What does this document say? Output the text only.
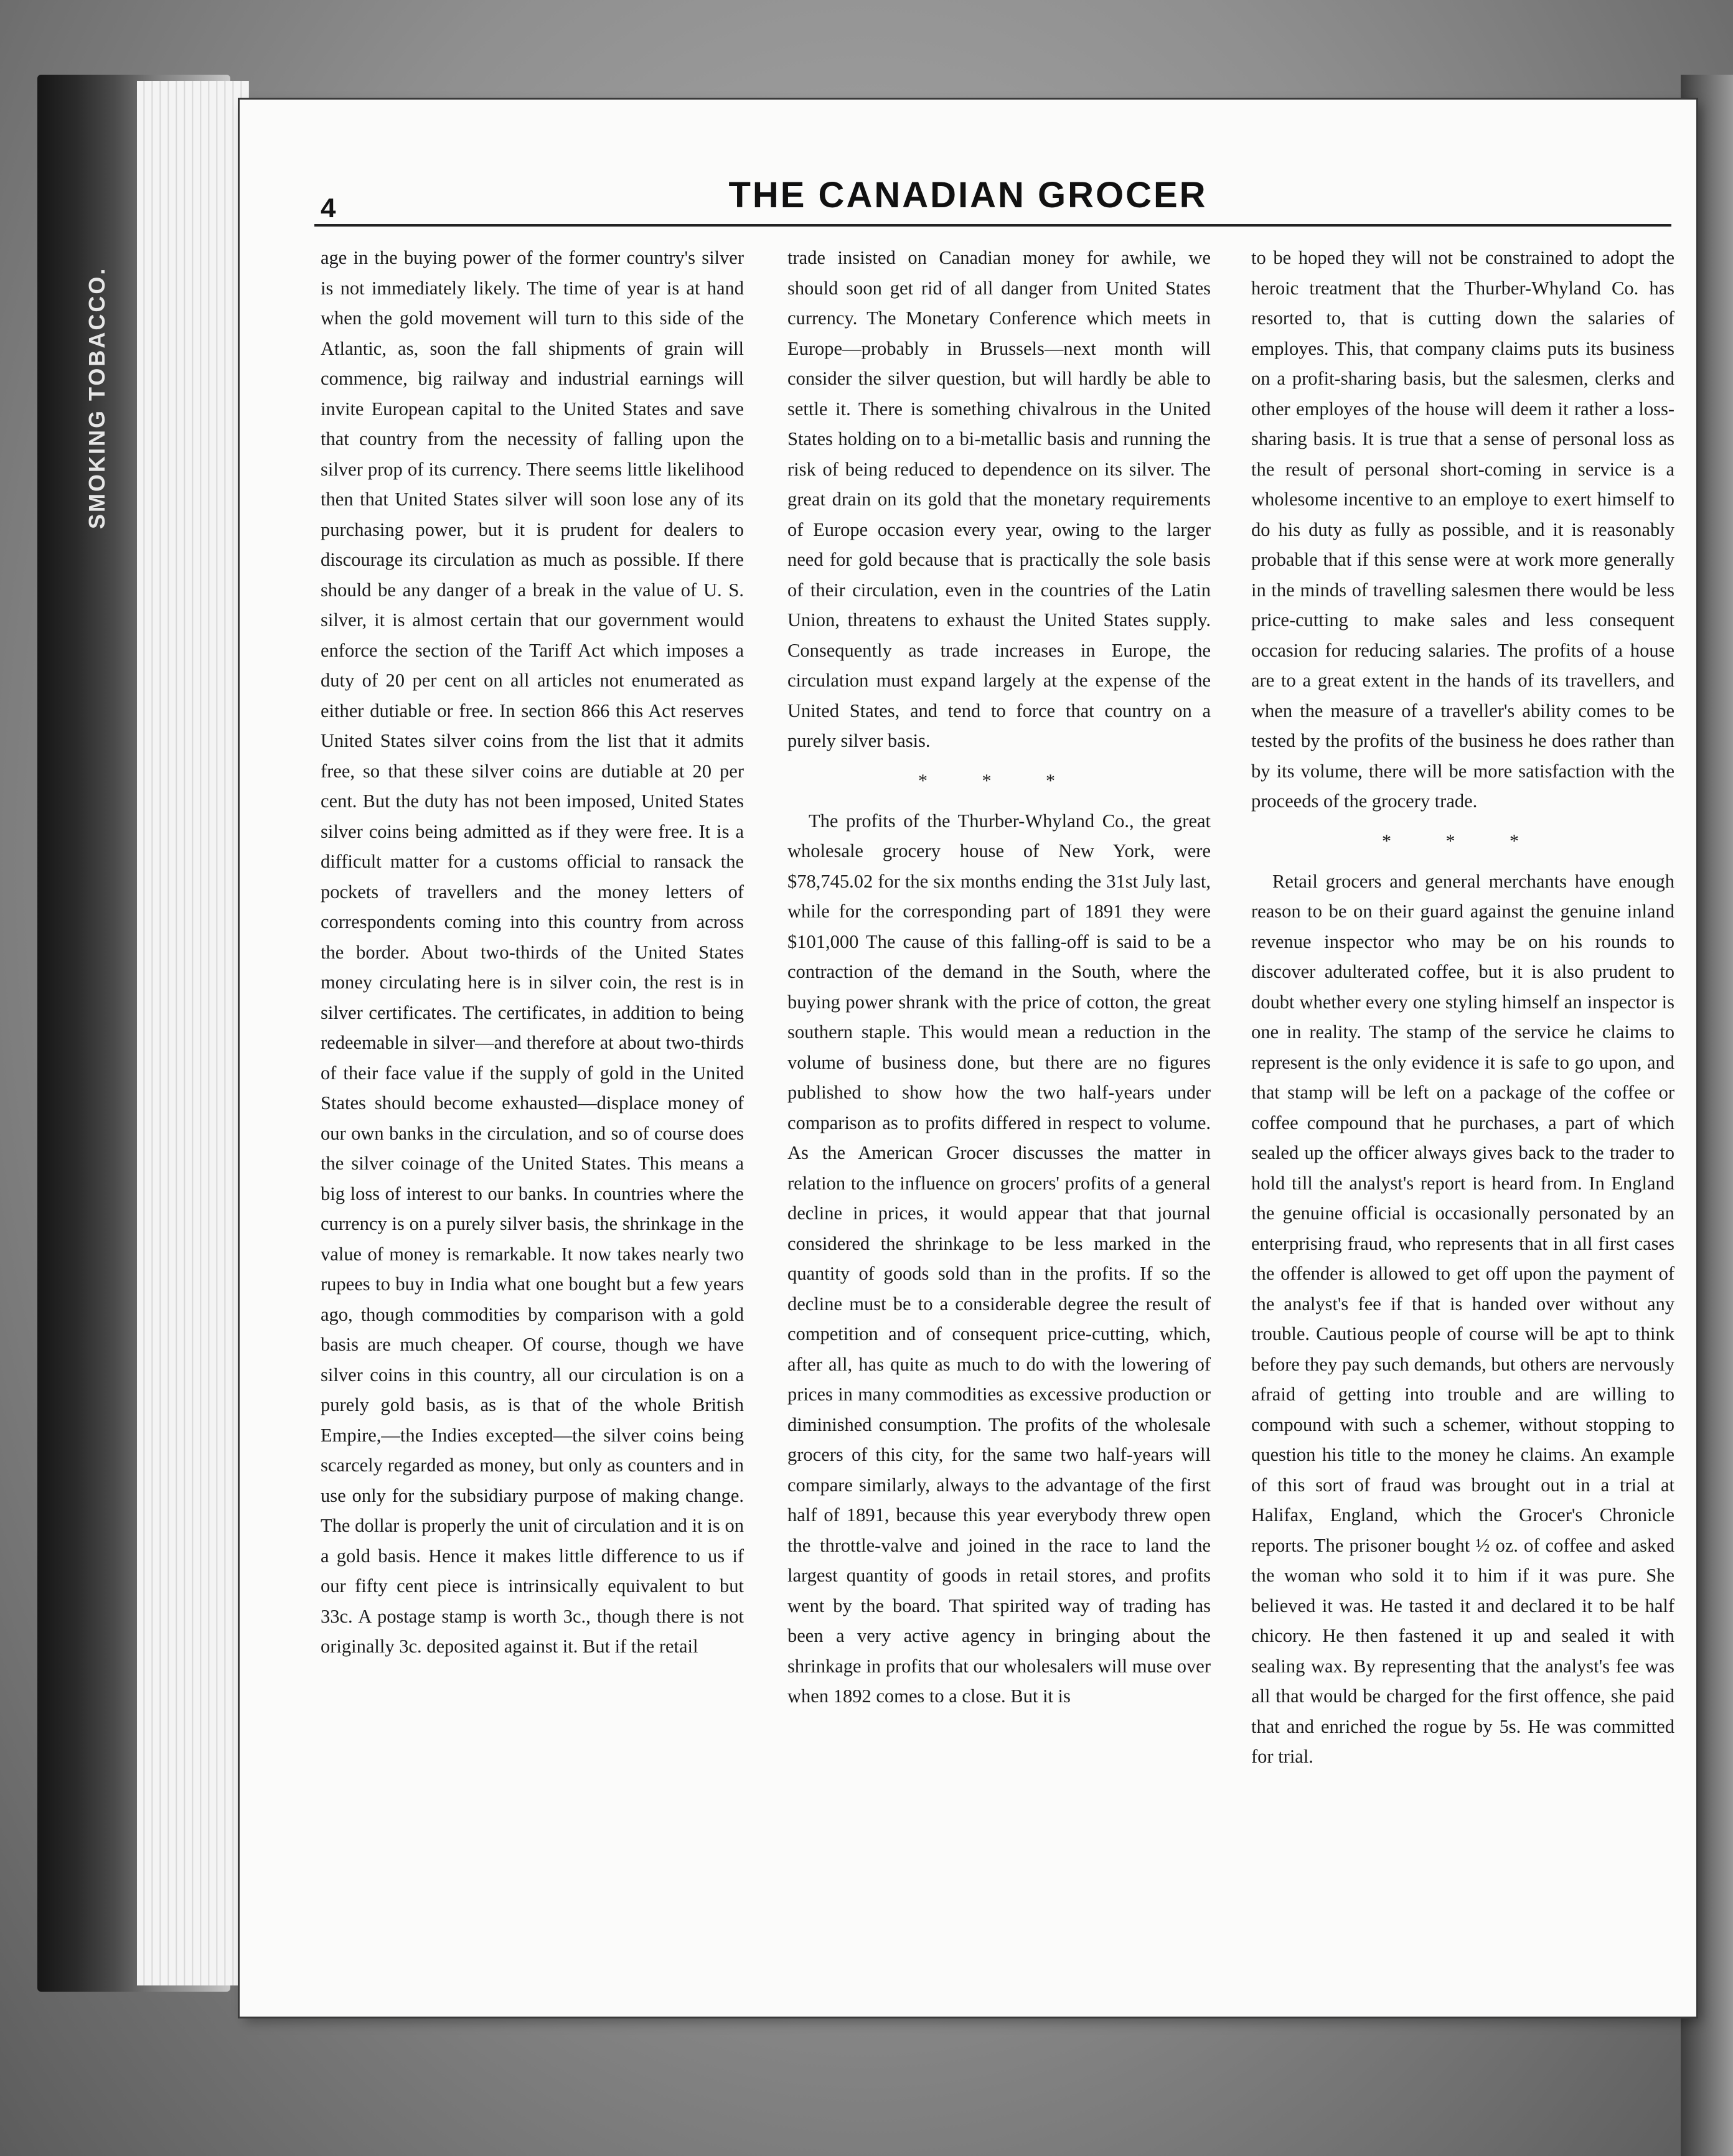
SMOKING TOBACCO.
4	THE CANADIAN GROCER

age in the buying power of the former country's silver is not immediately likely. The time of year is at hand when the gold movement will turn to this side of the Atlantic, as, soon the fall shipments of grain will commence, big railway and industrial earnings will invite European capital to the United States and save that country from the necessity of falling upon the silver prop of its currency. There seems little likelihood then that United States silver will soon lose any of its purchasing power, but it is prudent for dealers to discourage its circulation as much as possible. If there should be any danger of a break in the value of U. S. silver, it is almost certain that our government would enforce the section of the Tariff Act which imposes a duty of 20 per cent on all articles not enumerated as either dutiable or free. In section 866 this Act reserves United States silver coins from the list that it admits free, so that these silver coins are dutiable at 20 per cent. But the duty has not been imposed, United States silver coins being admitted as if they were free. It is a difficult matter for a customs official to ransack the pockets of travellers and the money letters of correspondents coming into this country from across the border. About two-thirds of the United States money circulating here is in silver coin, the rest is in silver certificates. The certificates, in addition to being redeemable in silver—and therefore at about two-thirds of their face value if the supply of gold in the United States should become exhausted—displace money of our own banks in the circulation, and so of course does the silver coinage of the United States. This means a big loss of interest to our banks. In countries where the currency is on a purely silver basis, the shrinkage in the value of money is remarkable. It now takes nearly two rupees to buy in India what one bought but a few years ago, though commodities by comparison with a gold basis are much cheaper. Of course, though we have silver coins in this country, all our circulation is on a purely gold basis, as is that of the whole British Empire,—the Indies excepted—the silver coins being scarcely regarded as money, but only as counters and in use only for the subsidiary purpose of making change. The dollar is properly the unit of circulation and it is on a gold basis. Hence it makes little difference to us if our fifty cent piece is intrinsically equivalent to but 33c. A postage stamp is worth 3c., though there is not originally 3c. deposited against it. But if the retail

trade insisted on Canadian money for awhile, we should soon get rid of all danger from United States currency. The Monetary Conference which meets in Europe—probably in Brussels—next month will consider the silver question, but will hardly be able to settle it. There is something chivalrous in the United States holding on to a bi-metallic basis and running the risk of being reduced to dependence on its silver. The great drain on its gold that the monetary requirements of Europe occasion every year, owing to the larger need for gold because that is practically the sole basis of their circulation, even in the countries of the Latin Union, threatens to exhaust the United States supply. Consequently as trade increases in Europe, the circulation must expand largely at the expense of the United States, and tend to force that country on a purely silver basis.

* * *

The profits of the Thurber-Whyland Co., the great wholesale grocery house of New York, were $78,745.02 for the six months ending the 31st July last, while for the corresponding part of 1891 they were $101,000 The cause of this falling-off is said to be a contraction of the demand in the South, where the buying power shrank with the price of cotton, the great southern staple. This would mean a reduction in the volume of business done, but there are no figures published to show how the two half-years under comparison as to profits differed in respect to volume. As the American Grocer discusses the matter in relation to the influence on grocers' profits of a general decline in prices, it would appear that that journal considered the shrinkage to be less marked in the quantity of goods sold than in the profits. If so the decline must be to a considerable degree the result of competition and of consequent price-cutting, which, after all, has quite as much to do with the lowering of prices in many commodities as excessive production or diminished consumption. The profits of the wholesale grocers of this city, for the same two half-years will compare similarly, always to the advantage of the first half of 1891, because this year everybody threw open the throttle-valve and joined in the race to land the largest quantity of goods in retail stores, and profits went by the board. That spirited way of trading has been a very active agency in bringing about the shrinkage in profits that our wholesalers will muse over when 1892 comes to a close. But it is

to be hoped they will not be constrained to adopt the heroic treatment that the Thurber-Whyland Co. has resorted to, that is cutting down the salaries of employes. This, that company claims puts its business on a profit-sharing basis, but the salesmen, clerks and other employes of the house will deem it rather a loss-sharing basis. It is true that a sense of personal loss as the result of personal short-coming in service is a wholesome incentive to an employe to exert himself to do his duty as fully as possible, and it is reasonably probable that if this sense were at work more generally in the minds of travelling salesmen there would be less price-cutting to make sales and less consequent occasion for reducing salaries. The profits of a house are to a great extent in the hands of its travellers, and when the measure of a traveller's ability comes to be tested by the profits of the business he does rather than by its volume, there will be more satisfaction with the proceeds of the grocery trade.

* * *

Retail grocers and general merchants have enough reason to be on their guard against the genuine inland revenue inspector who may be on his rounds to discover adulterated coffee, but it is also prudent to doubt whether every one styling himself an inspector is one in reality. The stamp of the service he claims to represent is the only evidence it is safe to go upon, and that stamp will be left on a package of the coffee or coffee compound that he purchases, a part of which sealed up the officer always gives back to the trader to hold till the analyst's report is heard from. In England the genuine official is occasionally personated by an enterprising fraud, who represents that in all first cases the offender is allowed to get off upon the payment of the analyst's fee if that is handed over without any trouble. Cautious people of course will be apt to think before they pay such demands, but others are nervously afraid of getting into trouble and are willing to compound with such a schemer, without stopping to question his title to the money he claims. An example of this sort of fraud was brought out in a trial at Halifax, England, which the Grocer's Chronicle reports. The prisoner bought ½ oz. of coffee and asked the woman who sold it to him if it was pure. She believed it was. He tasted it and declared it to be half chicory. He then fastened it up and sealed it with sealing wax. By representing that the analyst's fee was all that would be charged for the first offence, she paid that and enriched the rogue by 5s. He was committed for trial.
